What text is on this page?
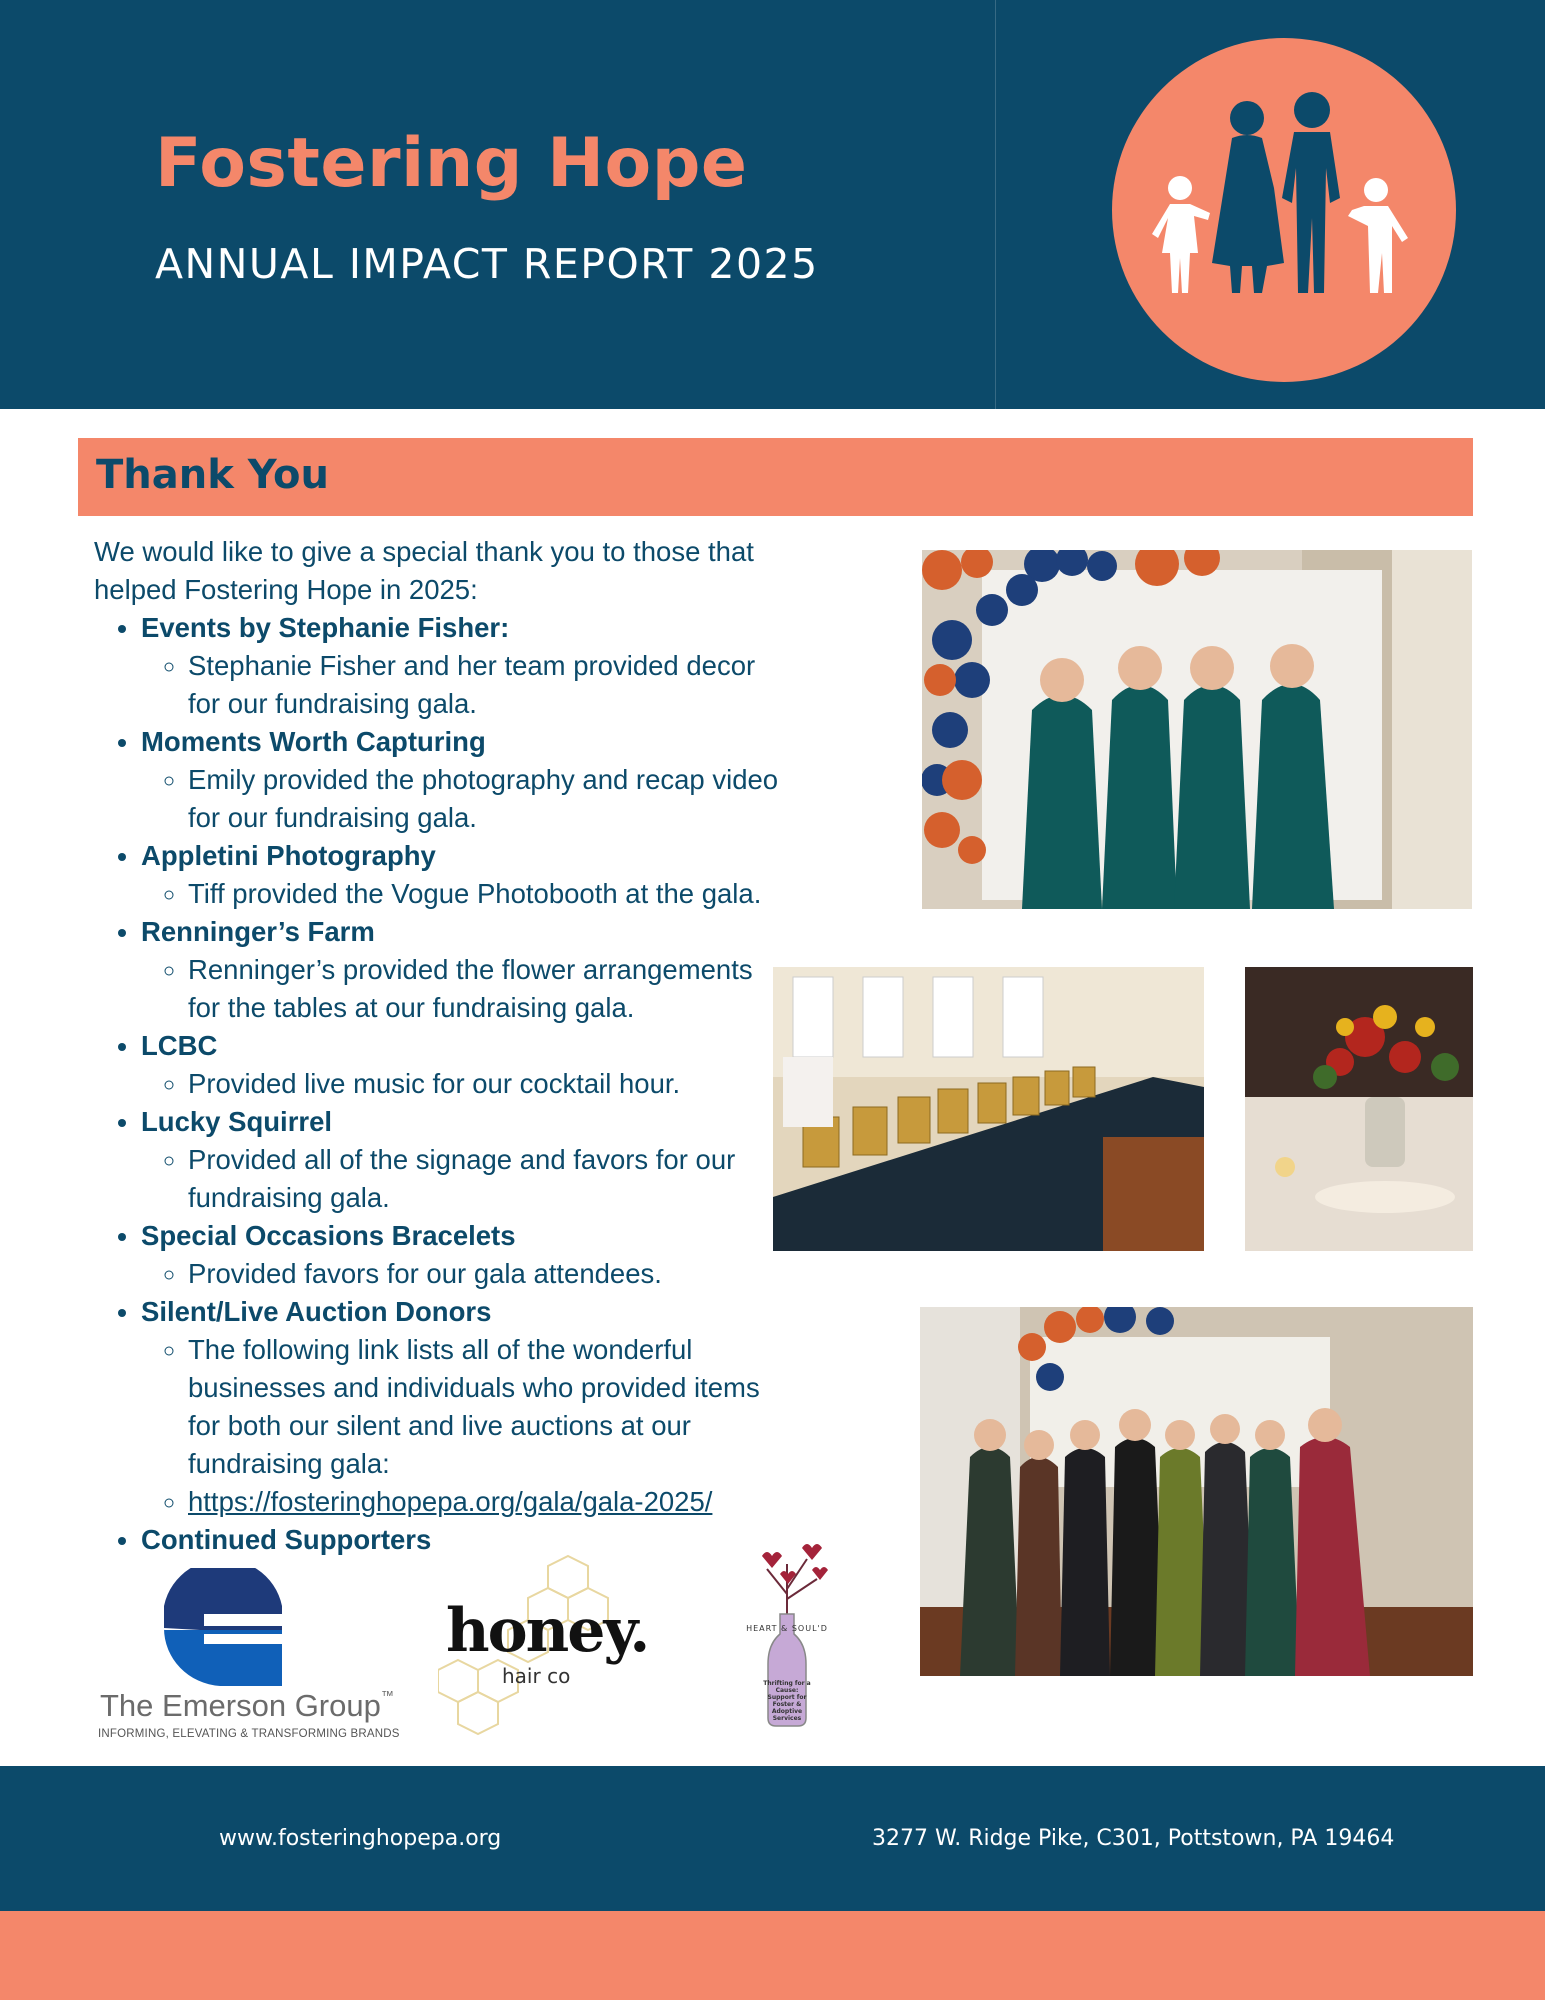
Fostering Hope
ANNUAL IMPACT REPORT 2025
Thank You

We would like to give a special thank you to those that helped Fostering Hope in 2025:

• Events by Stephanie Fisher:
◦ Stephanie Fisher and her team provided decor for our fundraising gala.
• Moments Worth Capturing
◦ Emily provided the photography and recap video for our fundraising gala.
• Appletini Photography
◦ Tiff provided the Vogue Photobooth at the gala.
• Renninger’s Farm
◦ Renninger’s provided the flower arrangements for the tables at our fundraising gala.
• LCBC
◦ Provided live music for our cocktail hour.
• Lucky Squirrel
◦ Provided all of the signage and favors for our fundraising gala.
• Special Occasions Bracelets
◦ Provided favors for our gala attendees.
• Silent/Live Auction Donors
◦ The following link lists all of the wonderful businesses and individuals who provided items for both our silent and live auctions at our fundraising gala:
◦ https://fosteringhopepa.org/gala/gala-2025/
• Continued Supporters
The Emerson Group™
INFORMING, ELEVATING & TRANSFORMING BRANDS
honey.
hair co
HEART & SOUL'D
Thrifting for a Cause: Support for Foster & Adoptive Services
www.fosteringhopepa.org	3277 W. Ridge Pike, C301, Pottstown, PA 19464
